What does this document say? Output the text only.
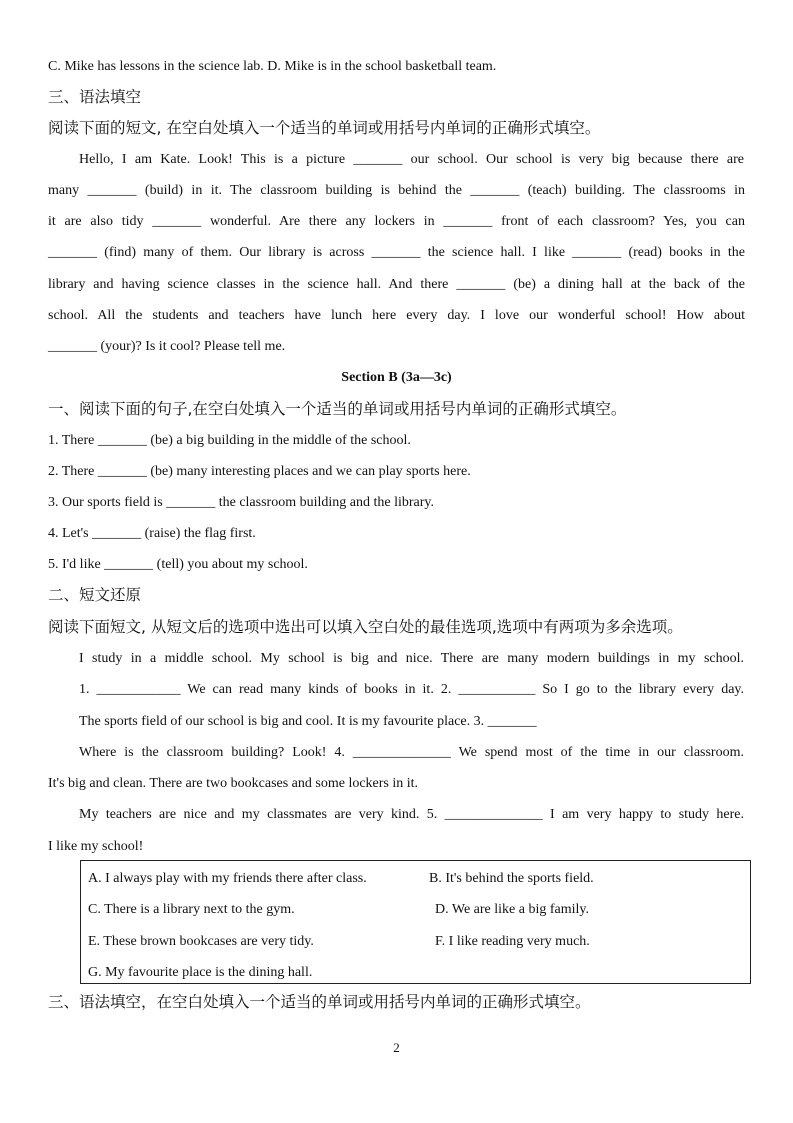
C. Mike has lessons in the science lab. D. Mike is in the school basketball team.
三、语法填空
阅读下面的短文, 在空白处填入一个适当的单词或用括号内单词的正确形式填空。
Hello, I am Kate. Look! This is a picture _______ our school. Our school is very big because there are
many _______ (build) in it. The classroom building is behind the _______ (teach) building. The classrooms in
it are also tidy _______ wonderful. Are there any lockers in _______ front of each classroom? Yes, you can
_______ (find) many of them. Our library is across _______ the science hall. I like _______ (read) books in the
library and having science classes in the science hall. And there _______ (be) a dining hall at the back of the
school. All the students and teachers have lunch here every day. I love our wonderful school! How about
_______ (your)? Is it cool? Please tell me.
Section B (3a—3c)
一、阅读下面的句子,在空白处填入一个适当的单词或用括号内单词的正确形式填空。
1. There _______ (be) a big building in the middle of the school.
2. There _______ (be) many interesting places and we can play sports here.
3. Our sports field is _______ the classroom building and the library.
4. Let's _______ (raise) the flag first.
5. I'd like _______ (tell) you about my school.
二、短文还原
阅读下面短文, 从短文后的选项中选出可以填入空白处的最佳选项,选项中有两项为多余选项。
I study in a middle school. My school is big and nice. There are many modern buildings in my school.
1. ____________ We can read many kinds of books in it. 2. ___________ So I go to the library every day.
The sports field of our school is big and cool. It is my favourite place. 3. _______
Where is the classroom building? Look! 4. ______________ We spend most of the time in our classroom.
It's big and clean. There are two bookcases and some lockers in it.
My teachers are nice and my classmates are very kind. 5. ______________ I am very happy to study here.
I like my school!
A. I always play with my friends there after class.	B. It's behind the sports field.
C. There is a library next to the gym.	D. We are like a big family.
E. These brown bookcases are very tidy.	F. I like reading very much.
G. My favourite place is the dining hall.
三、语法填空，在空白处填入一个适当的单词或用括号内单词的正确形式填空。
2
